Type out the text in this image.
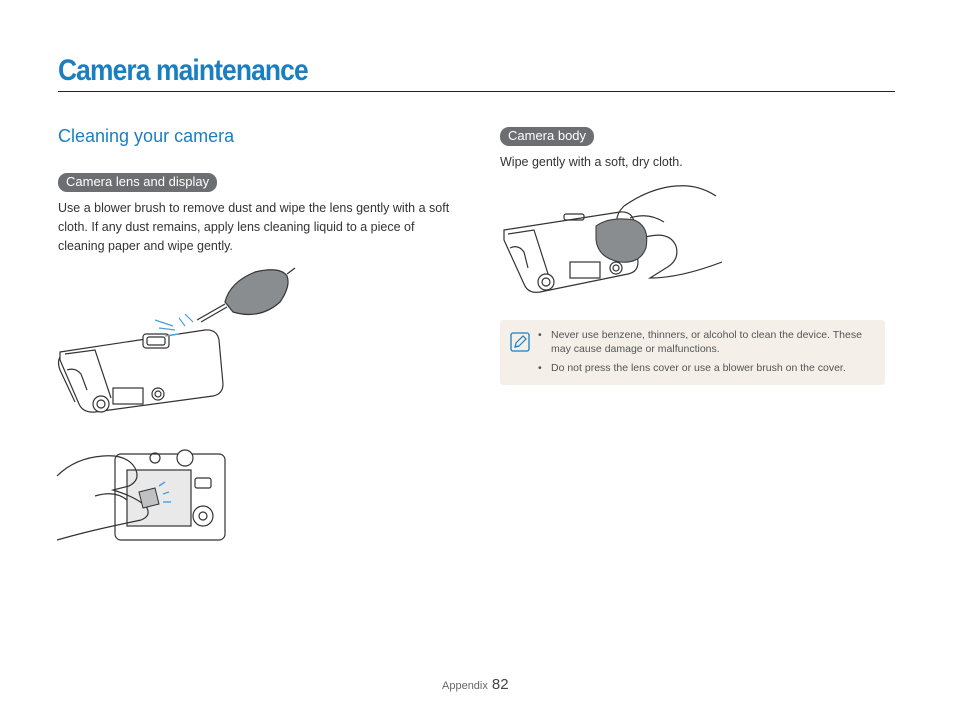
Camera maintenance
Cleaning your camera
Camera lens and display

Use a blower brush to remove dust and wipe the lens gently with a soft cloth. If any dust remains, apply lens cleaning liquid to a piece of cleaning paper and wipe gently.

Camera body

Wipe gently with a soft, dry cloth.

• Never use benzene, thinners, or alcohol to clean the device. These may cause damage or malfunctions.
• Do not press the lens cover or use a blower brush on the cover.
Appendix 82
